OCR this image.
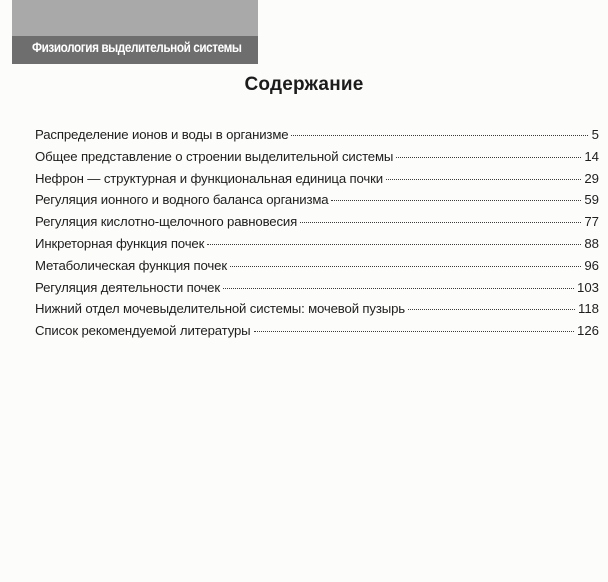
Физиология выделительной системы
Содержание
Распределение ионов и воды в организме	5
Общее представление о строении выделительной системы	14
Нефрон — структурная и функциональная единица почки	29
Регуляция ионного и водного баланса организма	59
Регуляция кислотно-щелочного равновесия	77
Инкреторная функция почек	88
Метаболическая функция почек	96
Регуляция деятельности почек	103
Нижний отдел мочевыделительной системы: мочевой пузырь	118
Список рекомендуемой литературы	126
